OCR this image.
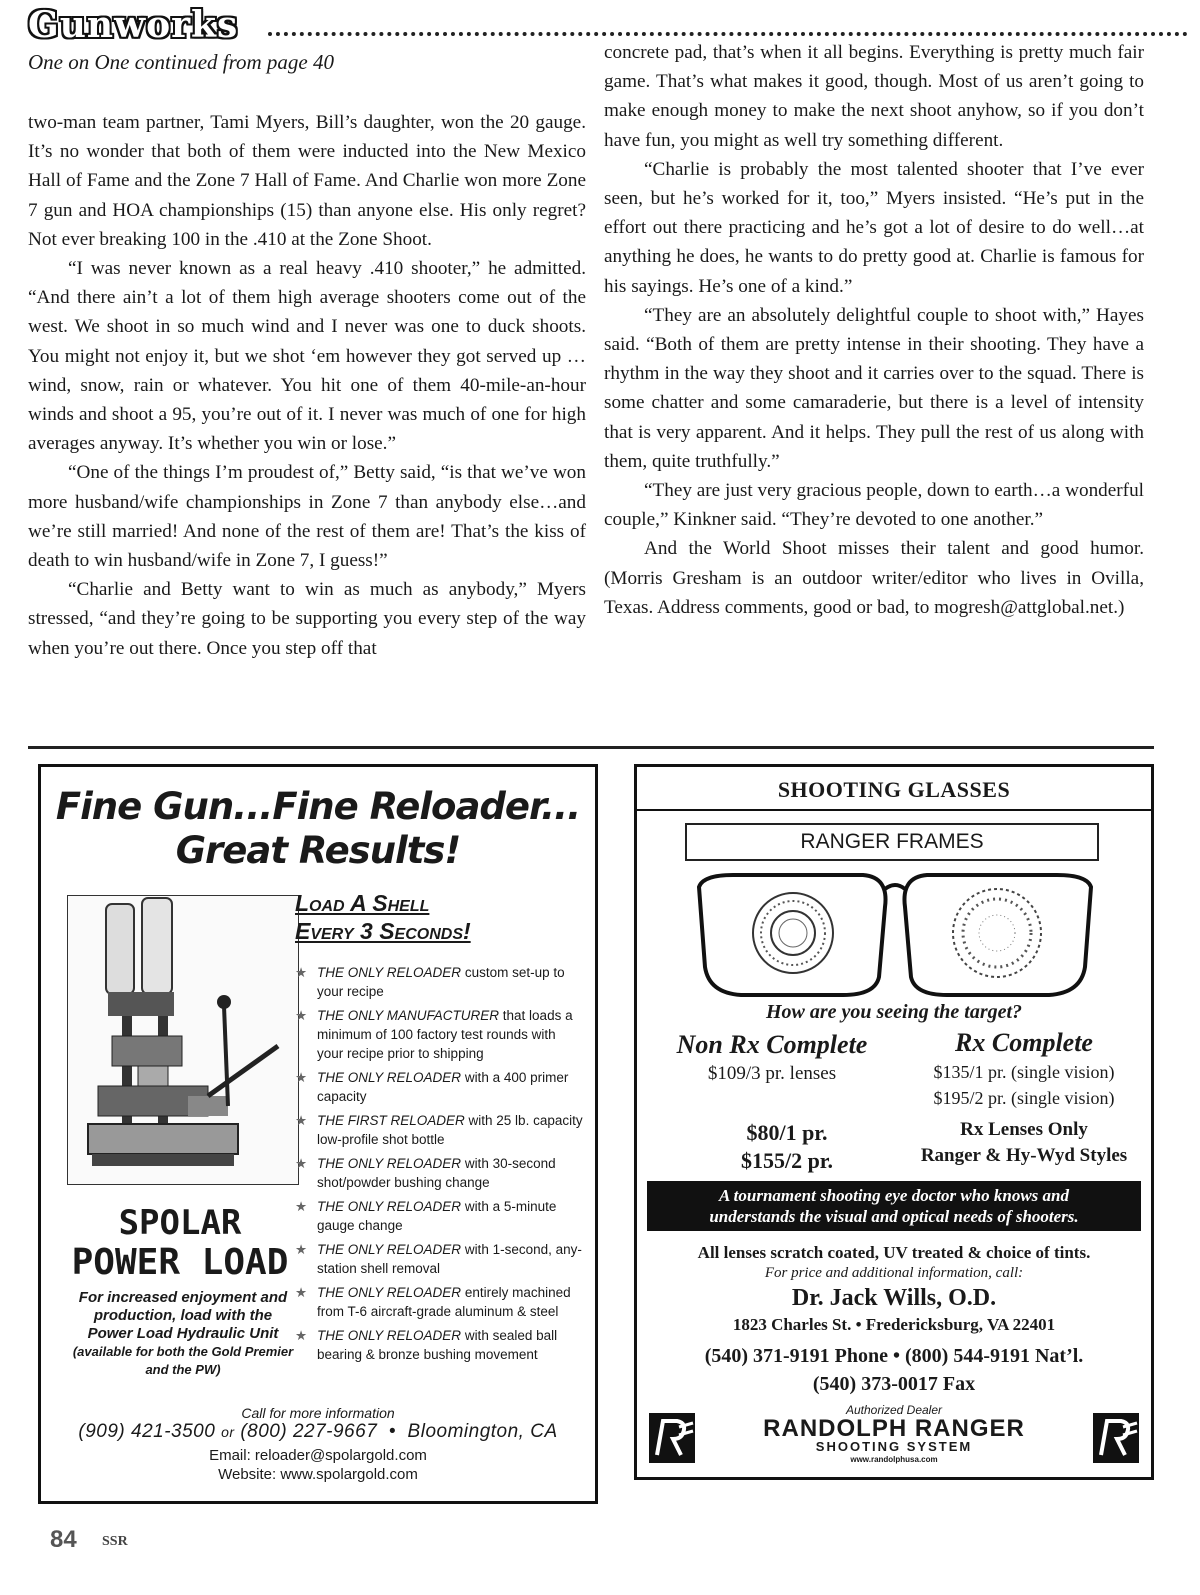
Gunworks
One on One continued from page 40

two-man team partner, Tami Myers, Bill’s daughter, won the 20 gauge. It’s no wonder that both of them were inducted into the New Mexico Hall of Fame and the Zone 7 Hall of Fame. And Charlie won more Zone 7 gun and HOA championships (15) than anyone else. His only regret? Not ever breaking 100 in the .410 at the Zone Shoot.

“I was never known as a real heavy .410 shooter,” he admitted. “And there ain’t a lot of them high average shooters come out of the west. We shoot in so much wind and I never was one to duck shoots. You might not enjoy it, but we shot ‘em however they got served up … wind, snow, rain or whatever. You hit one of them 40-mile-an-hour winds and shoot a 95, you’re out of it. I never was much of one for high averages anyway. It’s whether you win or lose.”

“One of the things I’m proudest of,” Betty said, “is that we’ve won more husband/wife championships in Zone 7 than anybody else…and we’re still married! And none of the rest of them are! That’s the kiss of death to win husband/wife in Zone 7, I guess!”

“Charlie and Betty want to win as much as anybody,” Myers stressed, “and they’re going to be supporting you every step of the way when you’re out there. Once you step off that

concrete pad, that’s when it all begins. Everything is pretty much fair game. That’s what makes it good, though. Most of us aren’t going to make enough money to make the next shoot anyhow, so if you don’t have fun, you might as well try something different.

“Charlie is probably the most talented shooter that I’ve ever seen, but he’s worked for it, too,” Myers insisted. “He’s put in the effort out there practicing and he’s got a lot of desire to do well…at anything he does, he wants to do pretty good at. Charlie is famous for his sayings. He’s one of a kind.”

“They are an absolutely delightful couple to shoot with,” Hayes said. “Both of them are pretty intense in their shooting. They have a rhythm in the way they shoot and it carries over to the squad. There is some chatter and some camaraderie, but there is a level of intensity that is very apparent. And it helps. They pull the rest of us along with them, quite truthfully.”

“They are just very gracious people, down to earth…a wonderful couple,” Kinkner said. “They’re devoted to one another.”

And the World Shoot misses their talent and good humor. (Morris Gresham is an outdoor writer/editor who lives in Ovilla, Texas. Address comments, good or bad, to mogresh@attglobal.net.)

Fine Gun...Fine Reloader...
Great Results!
Load A Shell
Every 3 Seconds!
★ THE ONLY RELOADER custom set-up to your recipe
★ THE ONLY MANUFACTURER that loads a minimum of 100 factory test rounds with your recipe prior to shipping
★ THE ONLY RELOADER with a 400 primer capacity
★ THE FIRST RELOADER with 25 lb. capacity low-profile shot bottle
★ THE ONLY RELOADER with 30-second shot/powder bushing change
★ THE ONLY RELOADER with a 5-minute gauge change
★ THE ONLY RELOADER with 1-second, any-station shell removal
★ THE ONLY RELOADER entirely machined from T-6 aircraft-grade aluminum & steel
★ THE ONLY RELOADER with sealed ball bearing & bronze bushing movement
SPOLAR
POWER LOAD
For increased enjoyment and production, load with the Power Load Hydraulic Unit
(available for both the Gold Premier and the PW)
Call for more information
(909) 421-3500 or (800) 227-9667  •  Bloomington, CA
Email: reloader@spolargold.com
Website: www.spolargold.com
SHOOTING GLASSES
RANGER FRAMES
How are you seeing the target?
Non Rx Complete
$109/3 pr. lenses
Rx Complete
$135/1 pr. (single vision)
$195/2 pr. (single vision)
$80/1 pr.
$155/2 pr.
Rx Lenses Only
Ranger & Hy-Wyd Styles
A tournament shooting eye doctor who knows and
understands the visual and optical needs of shooters.
All lenses scratch coated, UV treated & choice of tints.
For price and additional information, call:
Dr. Jack Wills, O.D.
1823 Charles St. • Fredericksburg, VA 22401
(540) 371-9191 Phone • (800) 544-9191 Nat’l.
(540) 373-0017 Fax
Authorized Dealer
RANDOLPH RANGER
SHOOTING SYSTEM
www.randolphusa.com
84 SSR
